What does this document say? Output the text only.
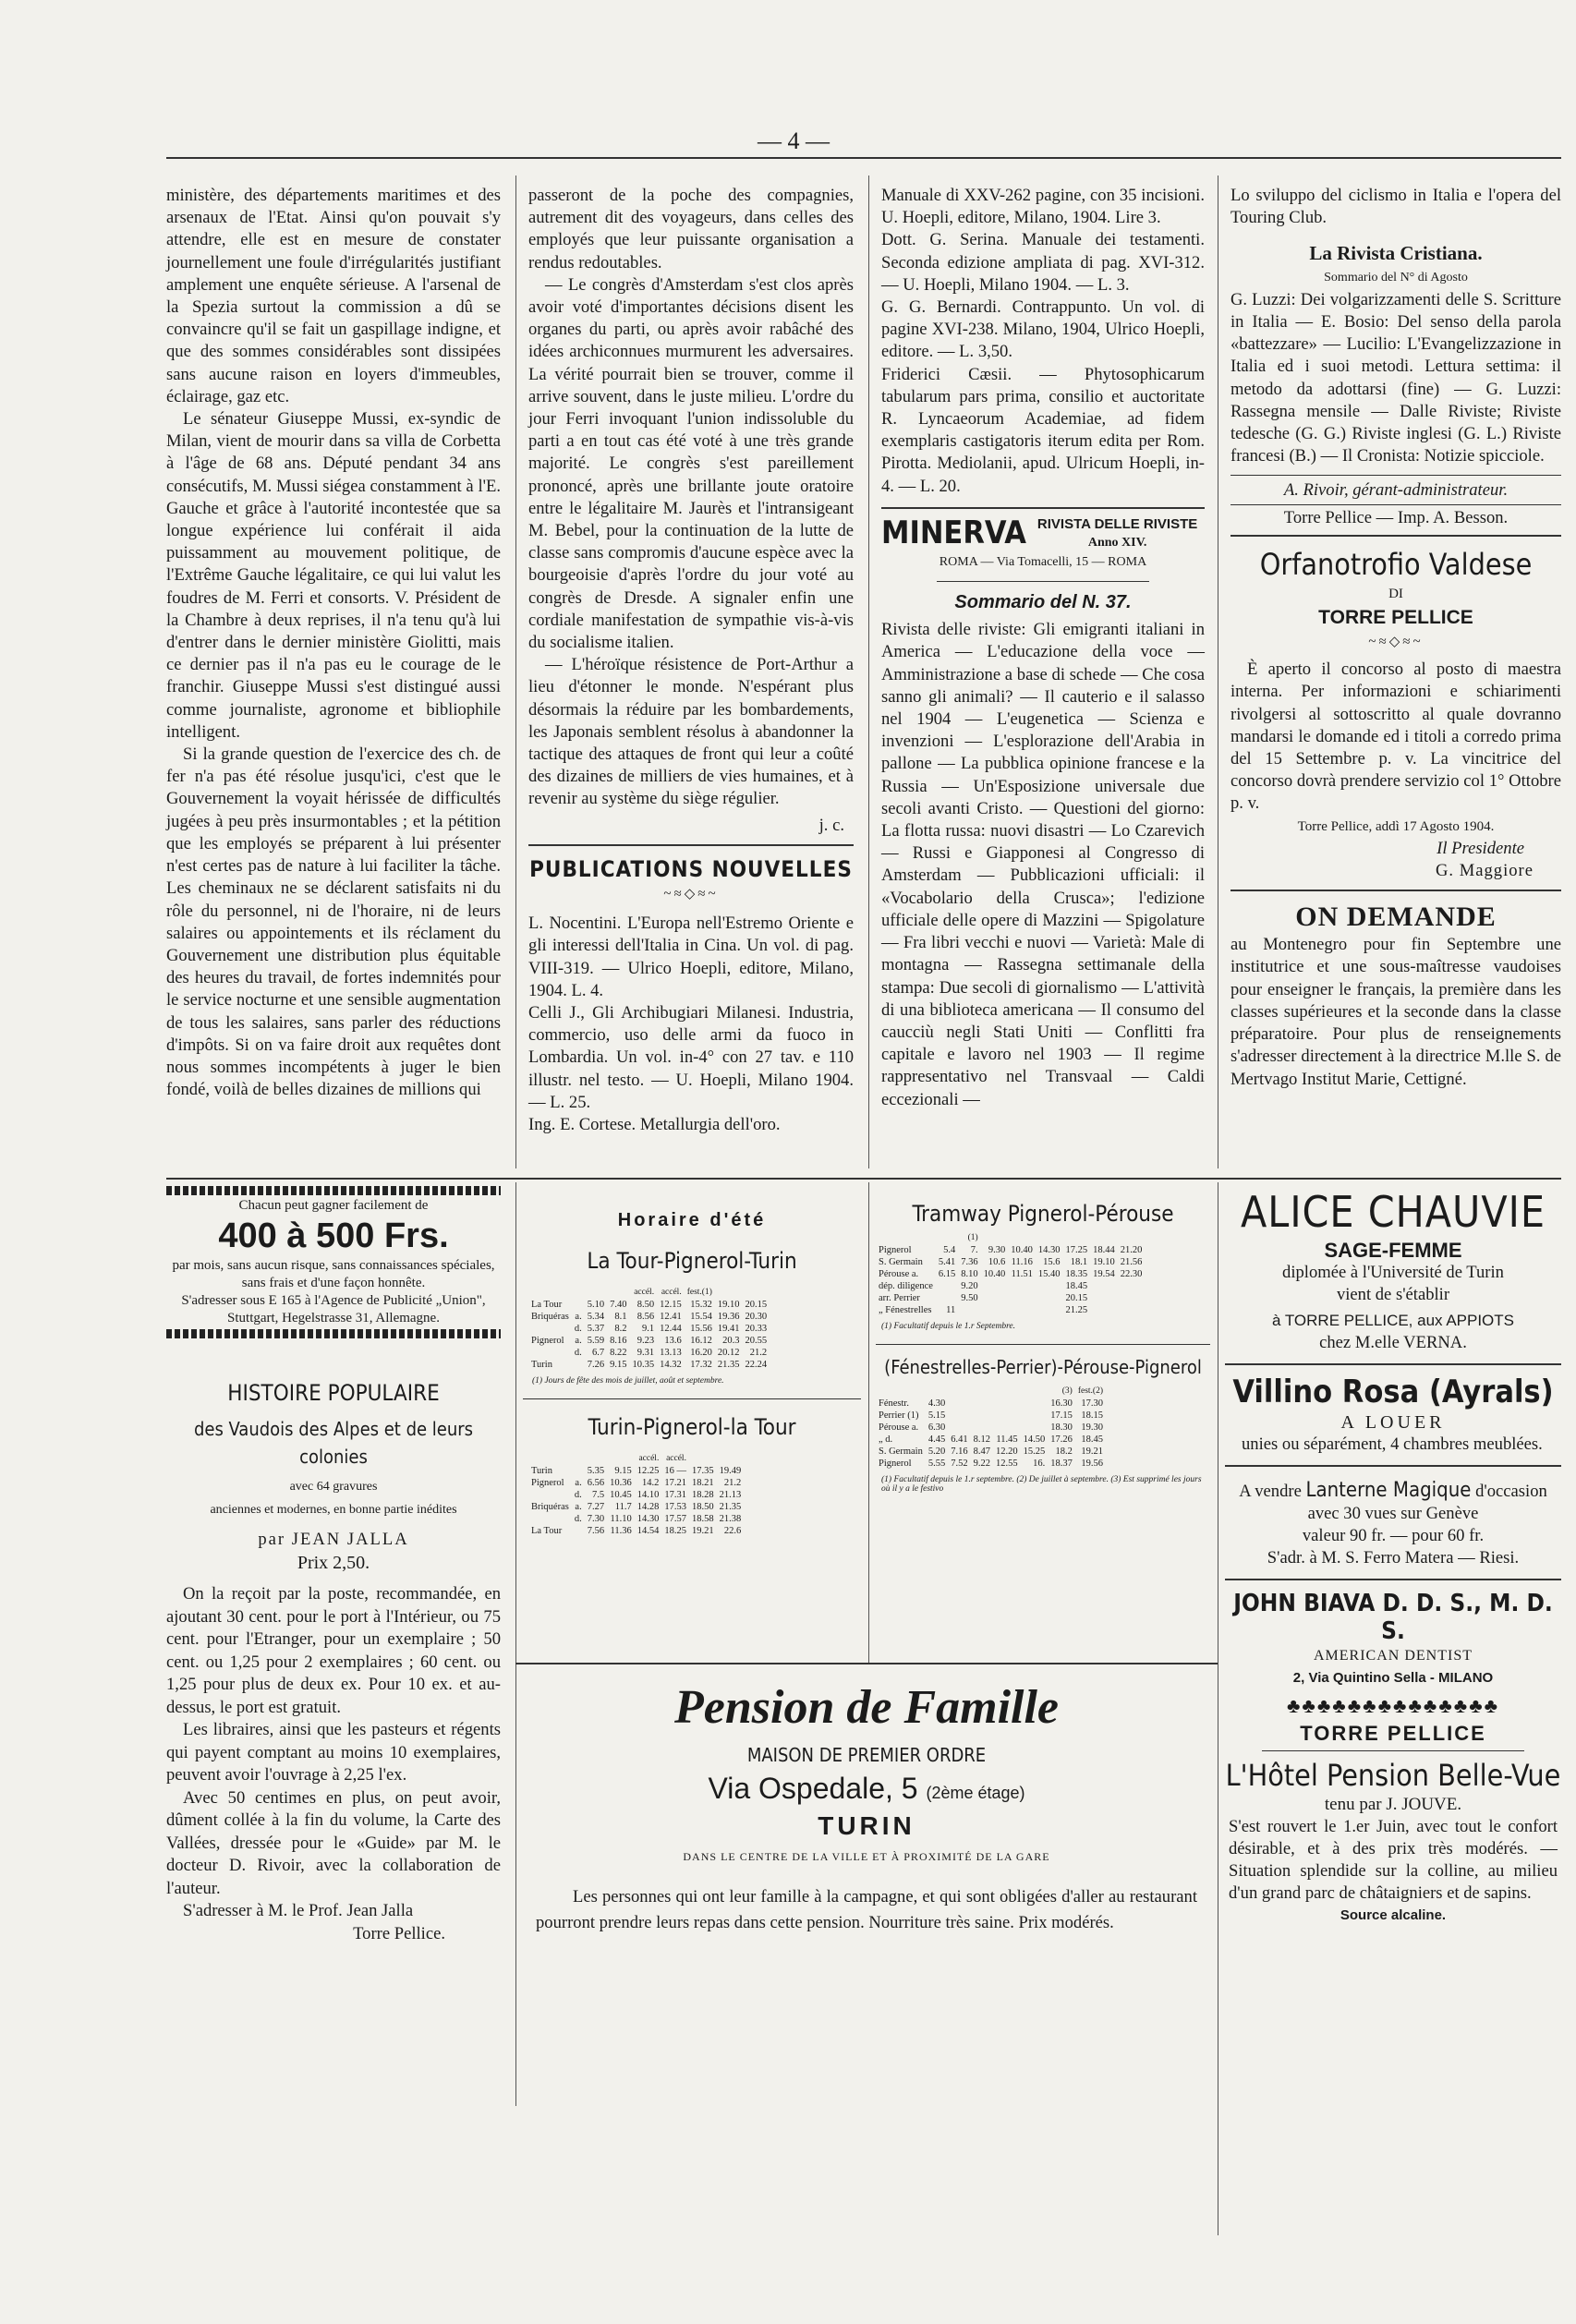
— 4 —

ministère, des départements maritimes et des arsenaux de l'Etat. Ainsi qu'on pouvait s'y attendre, elle est en mesure de constater journellement une foule d'irrégularités justifiant amplement une enquête sérieuse. A l'arsenal de la Spezia surtout la commission a dû se convaincre qu'il se fait un gaspillage indigne, et que des sommes considérables sont dissipées sans aucune raison en loyers d'immeubles, éclairage, gaz etc.

Le sénateur Giuseppe Mussi, ex-syndic de Milan, vient de mourir dans sa villa de Corbetta à l'âge de 68 ans. Député pendant 34 ans consécutifs, M. Mussi siégea constamment à l'E. Gauche et grâce à l'autorité incontestée que sa longue expérience lui conférait il aida puissamment au mouvement politique, de l'Extrême Gauche légalitaire, ce qui lui valut les foudres de M. Ferri et consorts. V. Président de la Chambre à deux reprises, il n'a tenu qu'à lui d'entrer dans le dernier ministère Giolitti, mais ce dernier pas il n'a pas eu le courage de le franchir. Giuseppe Mussi s'est distingué aussi comme journaliste, agronome et bibliophile intelligent.

Si la grande question de l'exercice des ch. de fer n'a pas été résolue jusqu'ici, c'est que le Gouvernement la voyait hérissée de difficultés jugées à peu près insurmontables ; et la pétition que les employés se préparent à lui présenter n'est certes pas de nature à lui faciliter la tâche. Les cheminaux ne se déclarent satisfaits ni du rôle du personnel, ni de l'horaire, ni de leurs salaires ou appointements et ils réclament du Gouvernement une distribution plus équitable des heures du travail, de fortes indemnités pour le service nocturne et une sensible augmentation de tous les salaires, sans parler des réductions d'impôts. Si on va faire droit aux requêtes dont nous sommes incompétents à juger le bien fondé, voilà de belles dizaines de millions qui

passeront de la poche des compagnies, autrement dit des voyageurs, dans celles des employés que leur puissante organisation a rendus redoutables.

— Le congrès d'Amsterdam s'est clos après avoir voté d'importantes décisions disent les organes du parti, ou après avoir rabâché des idées archiconnues murmurent les adversaires. La vérité pourrait bien se trouver, comme il arrive souvent, dans le juste milieu. L'ordre du jour Ferri invoquant l'union indissoluble du parti a en tout cas été voté à une très grande majorité. Le congrès s'est pareillement prononcé, après une brillante joute oratoire entre le légalitaire M. Jaurès et l'intransigeant M. Bebel, pour la continuation de la lutte de classe sans compromis d'aucune espèce avec la bourgeoisie d'après l'ordre du jour voté au congrès de Dresde. A signaler enfin une cordiale manifestation de sympathie vis-à-vis du socialisme italien.

— L'héroïque résistence de Port-Arthur a lieu d'étonner le monde. N'espérant plus désormais la réduire par les bombardements, les Japonais semblent résolus à abandonner la tactique des attaques de front qui leur a coûté des dizaines de milliers de vies humaines, et à revenir au système du siège régulier.

j. c.
PUBLICATIONS NOUVELLES
~≈◇≈~

L. Nocentini. L'Europa nell'Estremo Oriente e gli interessi dell'Italia in Cina. Un vol. di pag. VIII-319. — Ulrico Hoepli, editore, Milano, 1904. L. 4.

Celli J., Gli Archibugiari Milanesi. Industria, commercio, uso delle armi da fuoco in Lombardia. Un vol. in-4° con 27 tav. e 110 illustr. nel testo. — U. Hoepli, Milano 1904. — L. 25.

Ing. E. Cortese. Metallurgia dell'oro.

Manuale di XXV-262 pagine, con 35 incisioni. U. Hoepli, editore, Milano, 1904. Lire 3.

Dott. G. Serina. Manuale dei testamenti. Seconda edizione ampliata di pag. XVI-312. — U. Hoepli, Milano 1904. — L. 3.

G. G. Bernardi. Contrappunto. Un vol. di pagine XVI-238. Milano, 1904, Ulrico Hoepli, editore. — L. 3,50.

Friderici Cæsii. — Phytosophicarum tabularum pars prima, consilio et auctoritate R. Lyncaeorum Academiae, ad fidem exemplaris castigatoris iterum edita per Rom. Pirotta. Mediolanii, apud. Ulricum Hoepli, in-4. — L. 20.

MINERVA RIVISTA DELLE RIVISTE
Anno XIV.
ROMA — Via Tomacelli, 15 — ROMA
Sommario del N. 37.

Rivista delle riviste: Gli emigranti italiani in America — L'educazione della voce — Amministrazione a base di schede — Che cosa sanno gli animali? — Il cauterio e il salasso nel 1904 — L'eugenetica — Scienza e invenzioni — L'esplorazione dell'Arabia in pallone — La pubblica opinione francese e la Russia — Un'Esposizione universale due secoli avanti Cristo. — Questioni del giorno: La flotta russa: nuovi disastri — Lo Czarevich — Russi e Giapponesi al Congresso di Amsterdam — Pubblicazioni ufficiali: il «Vocabolario della Crusca»; l'edizione ufficiale delle opere di Mazzini — Spigolature — Fra libri vecchi e nuovi — Varietà: Male di montagna — Rassegna settimanale della stampa: Due secoli di giornalismo — L'attività di una biblioteca americana — Il consumo del caucciù negli Stati Uniti — Conflitti fra capitale e lavoro nel 1903 — Il regime rappresentativo nel Transvaal — Caldi eccezionali —

Lo sviluppo del ciclismo in Italia e l'opera del Touring Club.

La Rivista Cristiana.
Sommario del N° di Agosto

G. Luzzi: Dei volgarizzamenti delle S. Scritture in Italia — E. Bosio: Del senso della parola «battezzare» — Lucilio: L'Evangelizzazione in Italia ed i suoi metodi. Lettura settima: il metodo da adottarsi (fine) — G. Luzzi: Rassegna mensile — Dalle Riviste; Riviste tedesche (G. G.) Riviste inglesi (G. L.) Riviste francesi (B.) — Il Cronista: Notizie spicciole.

A. Rivoir, gérant-administrateur.
Torre Pellice — Imp. A. Besson.
Orfanotrofio Valdese
DI
TORRE PELLICE
~≈◇≈~

È aperto il concorso al posto di maestra interna. Per informazioni e schiarimenti rivolgersi al sottoscritto al quale dovranno mandarsi le domande ed i titoli a corredo prima del 15 Settembre p. v. La vincitrice del concorso dovrà prendere servizio col 1° Ottobre p. v.

Torre Pellice, addì 17 Agosto 1904.
Il Presidente
G. Maggiore
ON DEMANDE

au Montenegro pour fin Septembre une institutrice et une sous-maîtresse vaudoises pour enseigner le français, la première dans les classes supérieures et la seconde dans la classe préparatoire. Pour plus de renseignements s'adresser directement à la directrice M.lle S. de Mertvago Institut Marie, Cettigné.

Chacun peut gagner facilement de
400 à 500 Frs.
par mois, sans aucun risque, sans connaissances spéciales, sans frais et d'une façon honnête.
S'adresser sous E 165 à l'Agence de Publicité „Union", Stuttgart, Hegelstrasse 31, Allemagne.
HISTOIRE POPULAIRE
des Vaudois des Alpes et de leurs colonies
avec 64 gravures
anciennes et modernes, en bonne partie inédites
par JEAN JALLA
Prix 2,50.

On la reçoit par la poste, recommandée, en ajoutant 30 cent. pour le port à l'Intérieur, ou 75 cent. pour l'Etranger, pour un exemplaire ; 50 cent. ou 1,25 pour 2 exemplaires ; 60 cent. ou 1,25 pour plus de deux ex. Pour 10 ex. et au-dessus, le port est gratuit.

Les libraires, ainsi que les pasteurs et régents qui payent comptant au moins 10 exemplaires, peuvent avoir l'ouvrage à 2,25 l'ex.

Avec 50 centimes en plus, on peut avoir, dûment collée à la fin du volume, la Carte des Vallées, dressée pour le «Guide» par M. le docteur D. Rivoir, avec la collaboration de l'auteur.

S'adresser à M. le Prof. Jean Jalla

Torre Pellice.
Horaire d'été
La Tour-Pignerol-Turin
				accél.	accél.	fest.(1)		
La Tour		5.10	7.40	8.50	12.15	15.32	19.10	20.15
Briquéras	a.	5.34	8.1	8.56	12.41	15.54	19.36	20.30
	d.	5.37	8.2	9.1	12.44	15.56	19.41	20.33
Pignerol	a.	5.59	8.16	9.23	13.6	16.12	20.3	20.55
	d.	6.7	8.22	9.31	13.13	16.20	20.12	21.2
Turin		7.26	9.15	10.35	14.32	17.32	21.35	22.24
(1) Jours de fête des mois de juillet, août et septembre.
Turin-Pignerol-la Tour
				accél.	accél.		
Turin		5.35	9.15	12.25	16 —	17.35	19.49
Pignerol	a.	6.56	10.36	14.2	17.21	18.21	21.2
	d.	7.5	10.45	14.10	17.31	18.28	21.13
Briquéras	a.	7.27	11.7	14.28	17.53	18.50	21.35
	d.	7.30	11.10	14.30	17.57	18.58	21.38
La Tour		7.56	11.36	14.54	18.25	19.21	22.6
Tramway Pignerol-Pérouse
		(1)						
Pignerol	5.4	7.	9.30	10.40	14.30	17.25	18.44	21.20
S. Germain	5.41	7.36	10.6	11.16	15.6	18.1	19.10	21.56
Pérouse a.	6.15	8.10	10.40	11.51	15.40	18.35	19.54	22.30
dép. diligence		9.20				18.45		
arr. Perrier		9.50				20.15		
„ Fénestrelles	11					21.25		
(1) Facultatif depuis le 1.r Septembre.
(Fénestrelles-Perrier)-Pérouse-Pignerol
						(3)	fest.(2)
Fénestr.	4.30					16.30	17.30
Perrier (1)	5.15					17.15	18.15
Pérouse a.	6.30					18.30	19.30
„ d.	4.45	6.41	8.12	11.45	14.50	17.26	18.45
S. Germain	5.20	7.16	8.47	12.20	15.25	18.2	19.21
Pignerol	5.55	7.52	9.22	12.55	16.	18.37	19.56
(1) Facultatif depuis le 1.r septembre. (2) De juillet à septembre. (3) Est supprimé les jours où il y a le festivo
Pension de Famille
MAISON DE PREMIER ORDRE
Via Ospedale, 5 (2ème étage)
TURIN
DANS LE CENTRE DE LA VILLE ET À PROXIMITÉ DE LA GARE

Les personnes qui ont leur famille à la campagne, et qui sont obligées d'aller au restaurant pourront prendre leurs repas dans cette pension. Nourriture très saine. Prix modérés.

ALICE CHAUVIE
SAGE-FEMME
diplomée à l'Université de Turin
vient de s'établir
à TORRE PELLICE, aux APPIOTS
chez M.elle VERNA.
Villino Rosa (Ayrals)
A LOUER
unies ou séparément, 4 chambres meublées.
A vendre Lanterne Magique d'occasion
avec 30 vues sur Genève
valeur 90 fr. — pour 60 fr.
S'adr. à M. S. Ferro Matera — Riesi.
JOHN BIAVA D. D. S., M. D. S.
AMERICAN DENTIST
2, Via Quintino Sella - MILANO
♣♣♣♣♣♣♣♣♣♣♣♣♣♣
TORRE PELLICE
L'Hôtel Pension Belle-Vue
tenu par J. JOUVE.

S'est rouvert le 1.er Juin, avec tout le confort désirable, et à des prix très modérés. — Situation splendide sur la colline, au milieu d'un grand parc de châtaigniers et de sapins.

Source alcaline.
